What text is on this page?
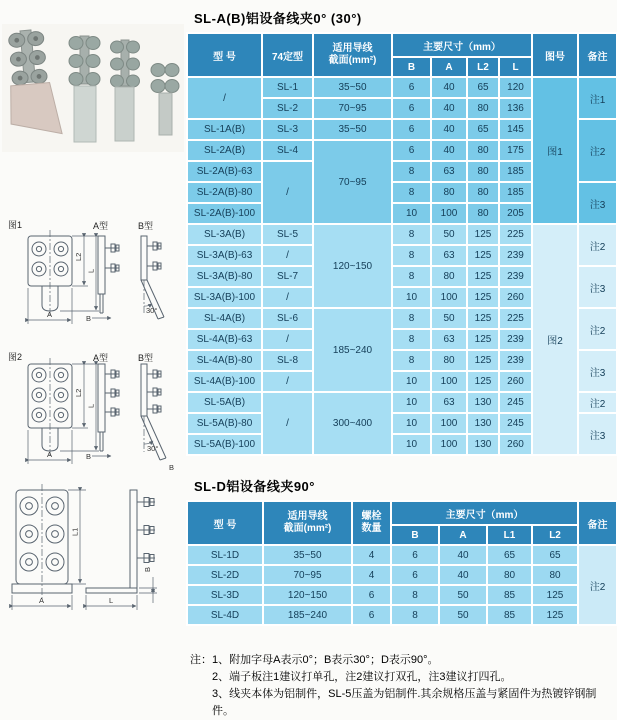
图1	A型	B型
L2
L
A	B
30°
图2	A型	B型
L2
L
A	B
30°
B
L1
A	L
B
SL-A(B)铝设备线夹0° (30°)
型 号	74定型	适用导线
截面(mm²)	主要尺寸（mm）				图号	备注
			B	A	L2	L		
/	SL-1	35~50	6	40	65	120	图1	注1
	SL-2	70~95	6	40	80	136		
SL-1A(B)	SL-3	35~50	6	40	65	145		注2
SL-2A(B)	SL-4	70~95	6	40	80	175		
SL-2A(B)-63	/		8	63	80	185		
SL-2A(B)-80			8	80	80	185		注3
SL-2A(B)-100			10	100	80	205		
SL-3A(B)	SL-5	120~150	8	50	125	225	图2	注2
SL-3A(B)-63	/		8	63	125	239		
SL-3A(B)-80	SL-7		8	80	125	239		注3
SL-3A(B)-100	/		10	100	125	260		
SL-4A(B)	SL-6	185~240	8	50	125	225		注2
SL-4A(B)-63	/		8	63	125	239		
SL-4A(B)-80	SL-8		8	80	125	239		注3
SL-4A(B)-100	/		10	100	125	260		
SL-5A(B)	/	300~400	10	63	130	245		注2
SL-5A(B)-80			10	100	130	245		注3
SL-5A(B)-100			10	100	130	260		
SL-D铝设备线夹90°
型 号	适用导线
截面(mm²)	螺栓
数量	主要尺寸（mm）				备注
			B	A	L1	L2	
SL-1D	35~50	4	6	40	65	65	注2
SL-2D	70~95	4	6	40	80	80	
SL-3D	120~150	6	8	50	85	125	
SL-4D	185~240	6	8	50	85	125	
注：1、附加字母A表示0°；B表示30°；D表示90°。
2、端子板注1建议打单孔，注2建议打双孔，注3建议打四孔。
3、线夹本体为铝制件，SL-5压盖为铝制件.其余规格压盖与紧固件为热镀锌钢制件。
